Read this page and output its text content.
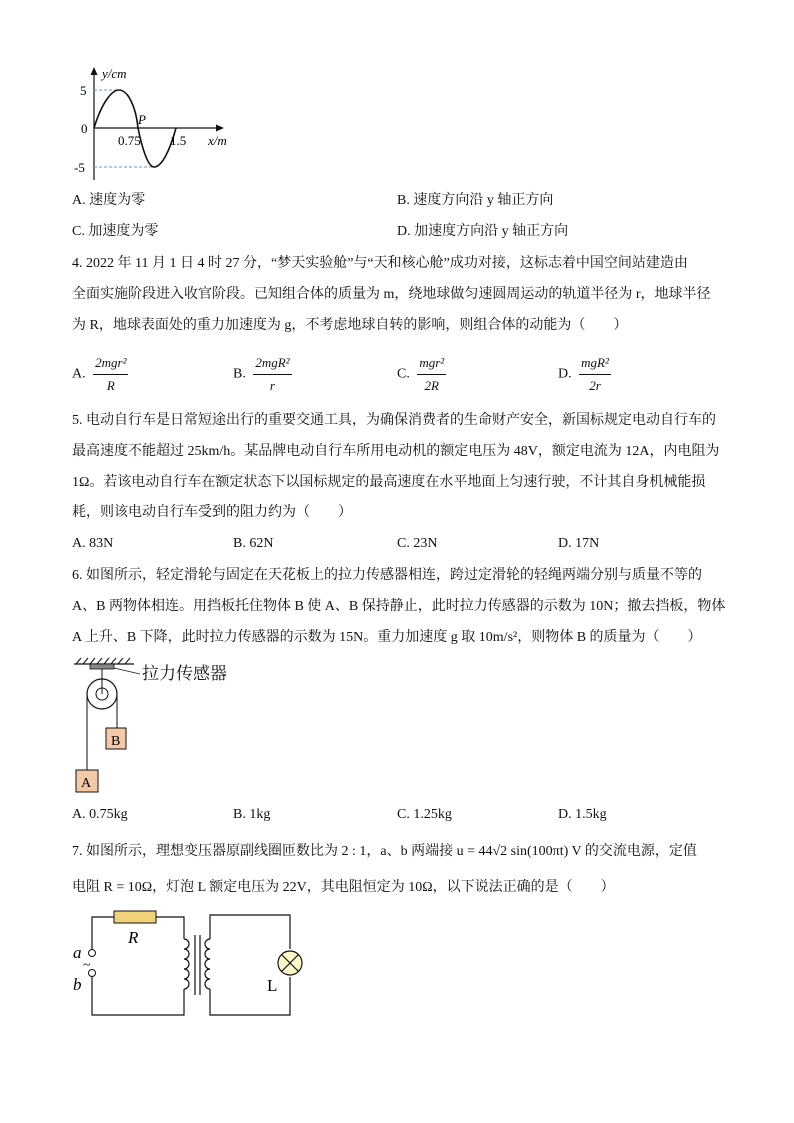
y/cm
5
0
-5
P
0.75 1.5 x/m
A. 速度为零	B. 速度方向沿 y 轴正方向
C. 加速度为零	D. 加速度方向沿 y 轴正方向
4. 2022 年 11 月 1 日 4 时 27 分，“梦天实验舱”与“天和核心舱”成功对接，这标志着中国空间站建造由
全面实施阶段进入收官阶段。已知组合体的质量为 m，绕地球做匀速圆周运动的轨道半径为 r，地球半径
为 R，地球表面处的重力加速度为 g，不考虑地球自转的影响，则组合体的动能为（　　）
A. $\frac{\text{2mgr²}}{R}$	B. $\frac{\text{2mgR²}}{r}$	C. $\frac{\text{mgr²}}{2R}$	D. $\frac{\text{mgR²}}{2r}$
5. 电动自行车是日常短途出行的重要交通工具，为确保消费者的生命财产安全，新国标规定电动自行车的
最高速度不能超过 25km/h。某品牌电动自行车所用电动机的额定电压为 48V，额定电流为 12A，内电阻为
1Ω。若该电动自行车在额定状态下以国标规定的最高速度在水平地面上匀速行驶，不计其自身机械能损
耗，则该电动自行车受到的阻力约为（　　）
A. 83N	B. 62N	C. 23N	D. 17N
6. 如图所示，轻定滑轮与固定在天花板上的拉力传感器相连，跨过定滑轮的轻绳两端分别与质量不等的
A、B 两物体相连。用挡板托住物体 B 使 A、B 保持静止，此时拉力传感器的示数为 10N；撤去挡板，物体
A 上升、B 下降，此时拉力传感器的示数为 15N。重力加速度 g 取 10m/s²，则物体 B 的质量为（　　）
B
A
拉力传感器
A. 0.75kg	B. 1kg	C. 1.25kg	D. 1.5kg
7. 如图所示，理想变压器原副线圈匝数比为 2 : 1，a、b 两端接 u = 44√2 sin(100πt) V 的交流电源，定值
电阻 R = 10Ω，灯泡 L 额定电压为 22V，其电阻恒定为 10Ω，以下说法正确的是（　　）
R
a
~
b	L
